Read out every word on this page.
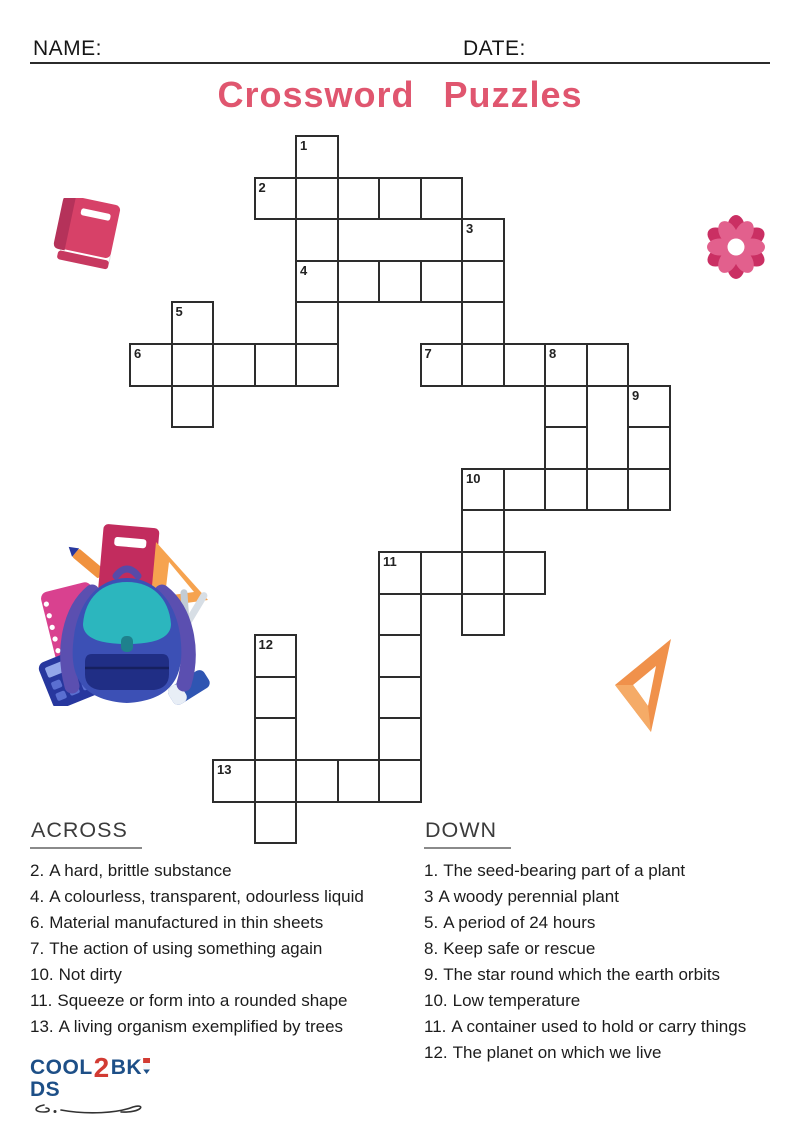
NAME:	DATE:
Crossword Puzzles
1
2
3
4
5
6	7	8
9
10
11
12
13
ACROSS
2. A hard, brittle substance
4. A colourless, transparent, odourless liquid
6. Material manufactured in thin sheets
7. The action of using something again
10. Not dirty
11. Squeeze or form into a rounded shape
13. A living organism exemplified by trees
DOWN
1. The seed-bearing part of a plant
3 A woody perennial plant
5. A period of 24 hours
8. Keep safe or rescue
9. The star round which the earth orbits
10. Low temperature
11. A container used to hold or carry things
12. The planet on which we live
COOL2BKDS
